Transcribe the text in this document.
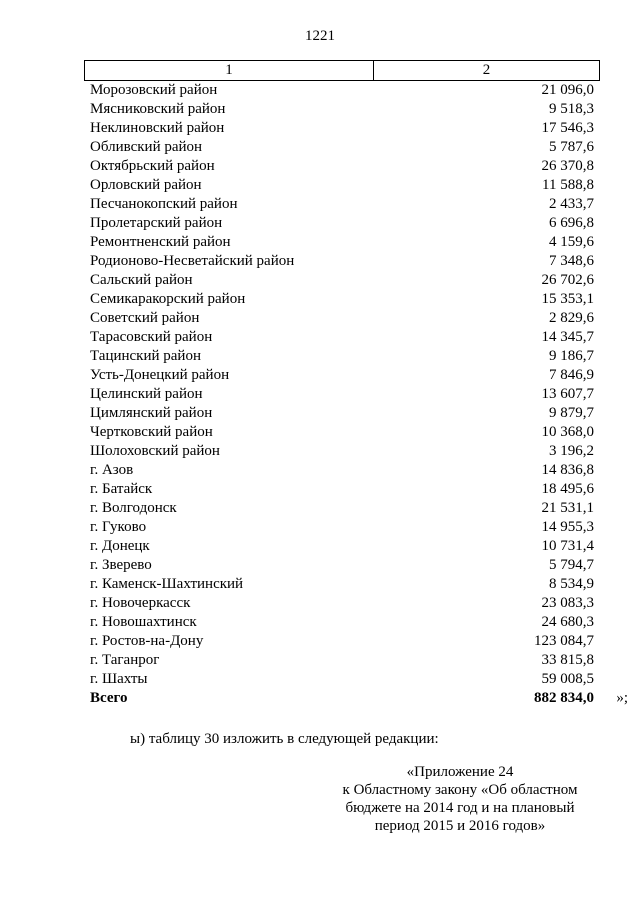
1221
1	2
Морозовский район	21 096,0
Мясниковский район	9 518,3
Неклиновский район	17 546,3
Обливский район	5 787,6
Октябрьский район	26 370,8
Орловский район	11 588,8
Песчанокопский район	2 433,7
Пролетарский район	6 696,8
Ремонтненский район	4 159,6
Родионово-Несветайский район	7 348,6
Сальский район	26 702,6
Семикаракорский район	15 353,1
Советский район	2 829,6
Тарасовский район	14 345,7
Тацинский район	9 186,7
Усть-Донецкий район	7 846,9
Целинский район	13 607,7
Цимлянский район	9 879,7
Чертковский район	10 368,0
Шолоховский район	3 196,2
г. Азов	14 836,8
г. Батайск	18 495,6
г. Волгодонск	21 531,1
г. Гуково	14 955,3
г. Донецк	10 731,4
г. Зверево	5 794,7
г. Каменск-Шахтинский	8 534,9
г. Новочеркасск	23 083,3
г. Новошахтинск	24 680,3
г. Ростов-на-Дону	123 084,7
г. Таганрог	33 815,8
г. Шахты	59 008,5
Всего	882 834,0 »;
ы) таблицу 30 изложить в следующей редакции:
«Приложение 24
к Областному закону «Об областном
бюджете на 2014 год и на плановый
период 2015 и 2016 годов»
